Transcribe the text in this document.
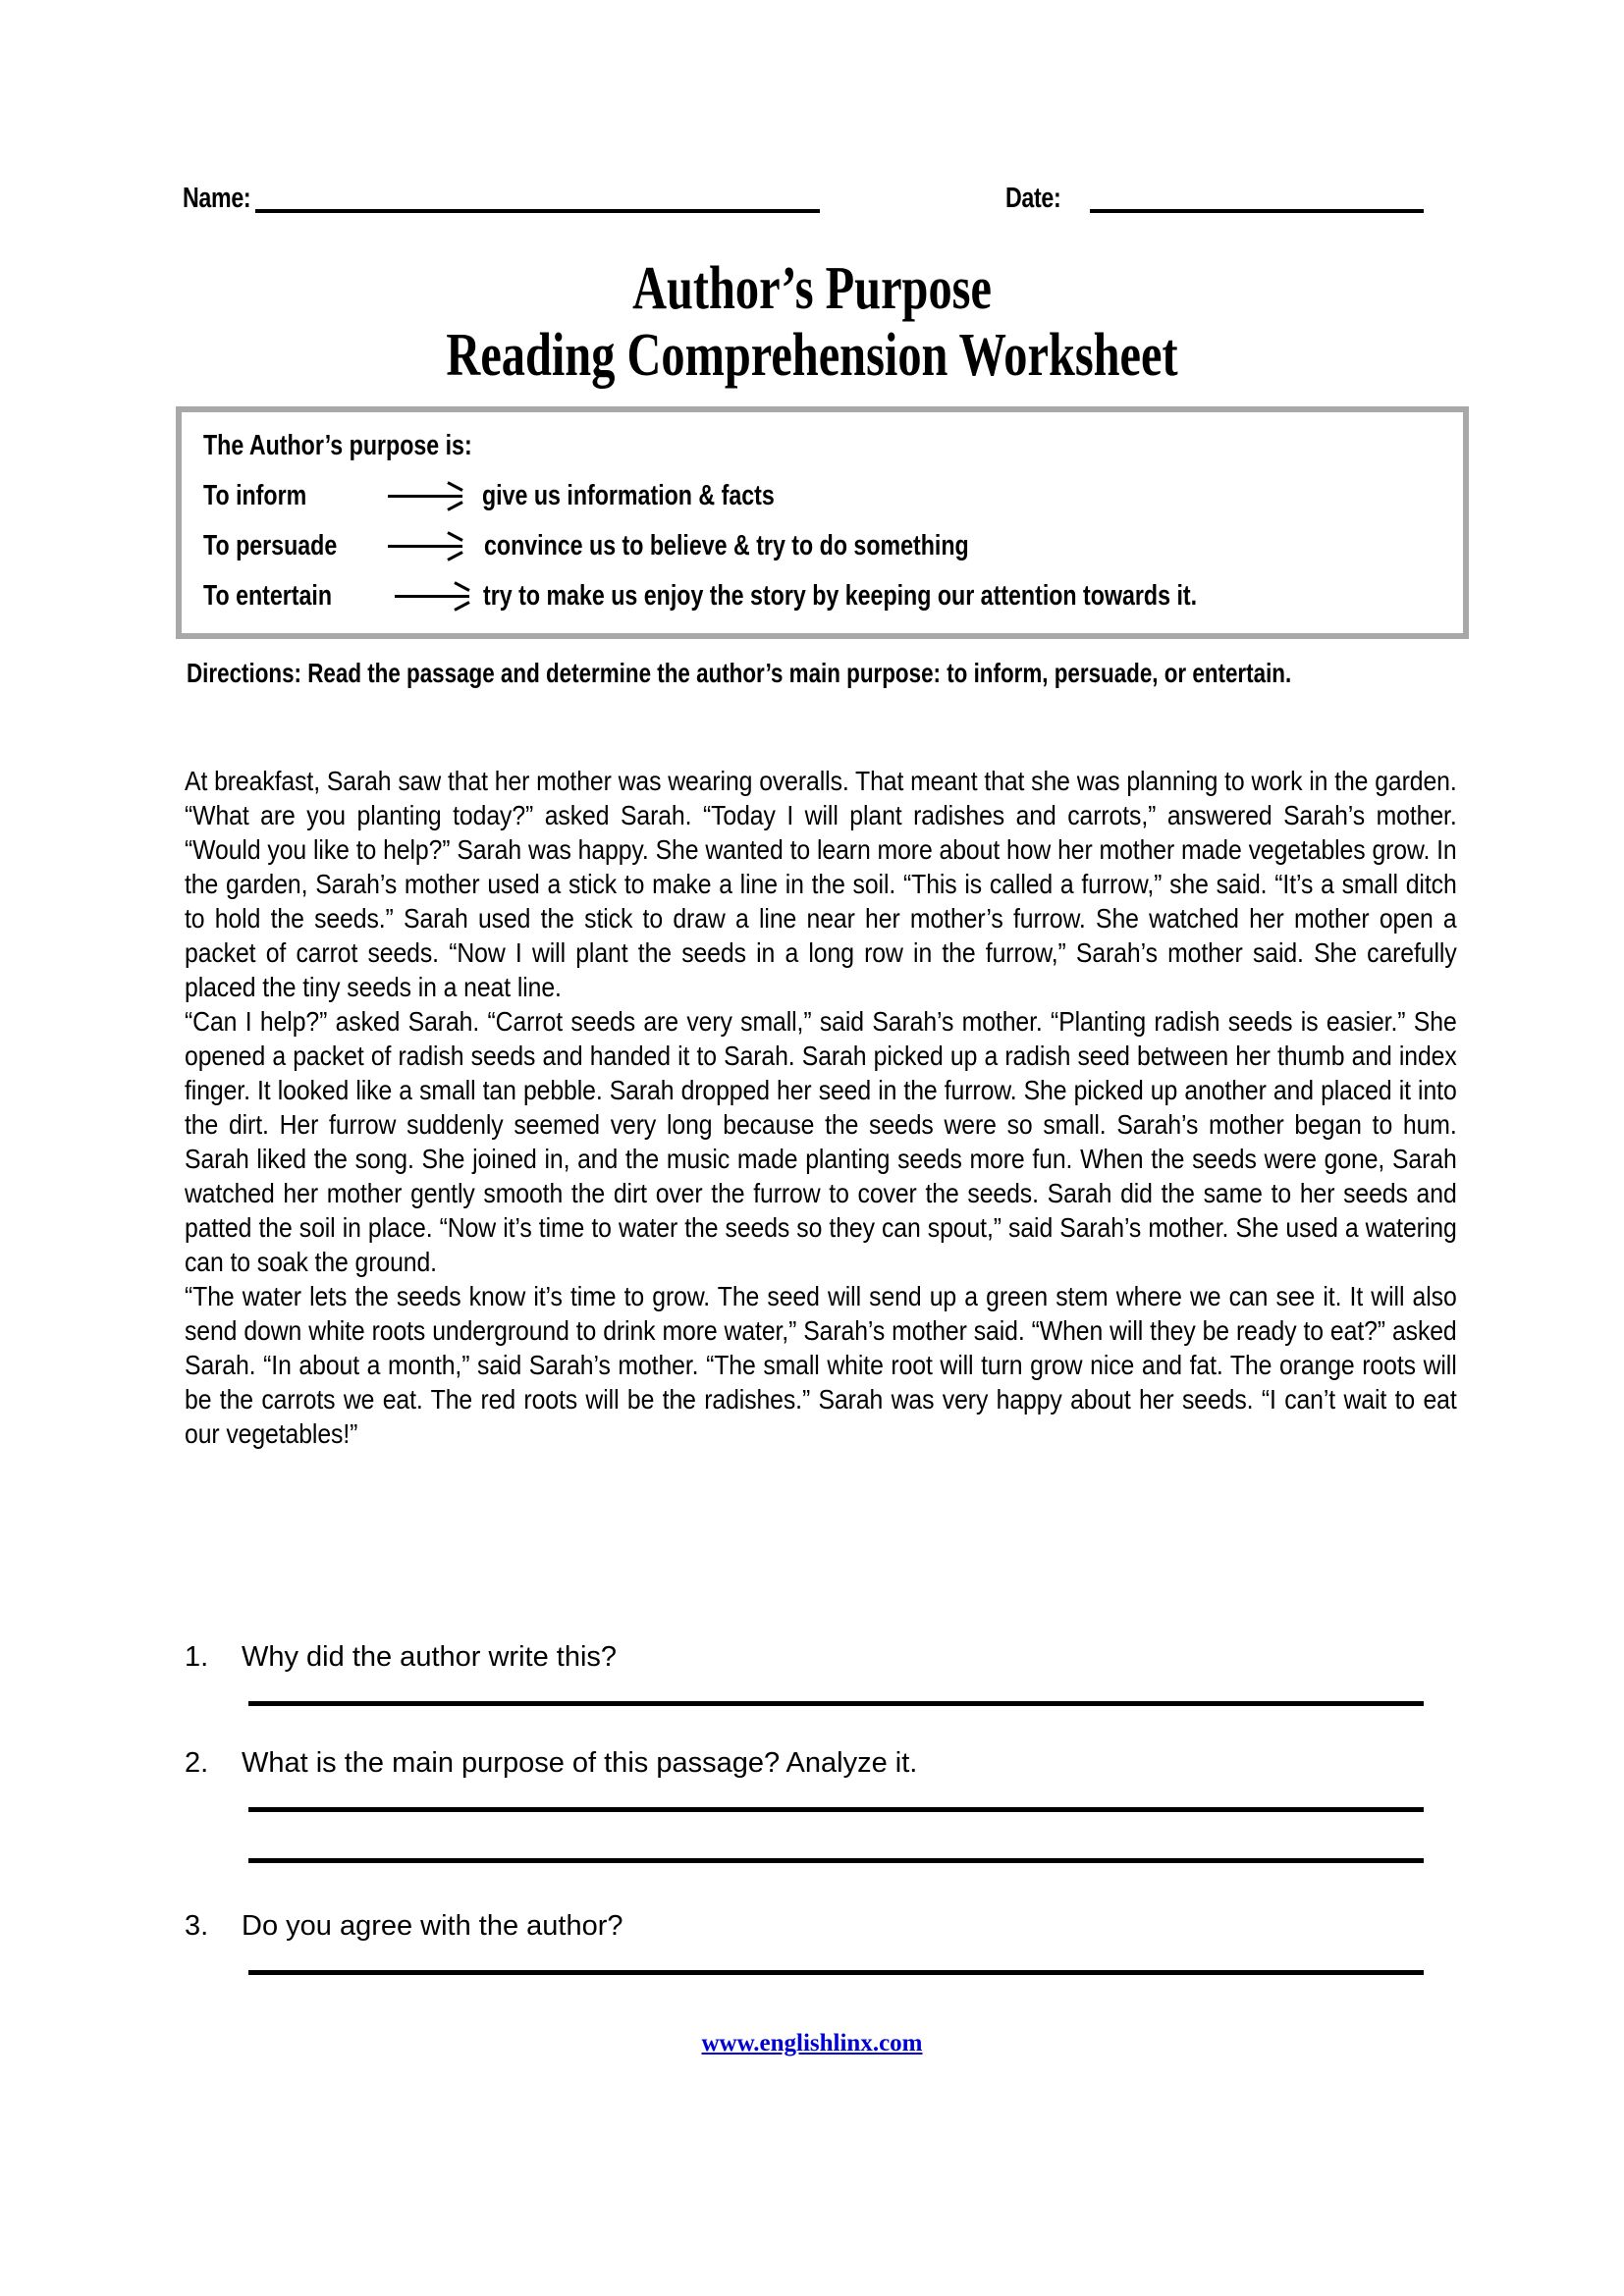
Name:	Date:
Author’s Purpose
Reading Comprehension Worksheet
The Author’s purpose is:
To inform	give us information & facts
To persuade	convince us to believe & try to do something
To entertain	try to make us enjoy the story by keeping our attention towards it.
Directions: Read the passage and determine the author’s main purpose: to inform, persuade, or entertain.

At breakfast, Sarah saw that her mother was wearing overalls. That meant that she was planning to work in the garden. “What are you planting today?” asked Sarah. “Today I will plant radishes and carrots,” answered Sarah’s mother. “Would you like to help?” Sarah was happy. She wanted to learn more about how her mother made vegetables grow. In the garden, Sarah’s mother used a stick to make a line in the soil. “This is called a furrow,” she said. “It’s a small ditch to hold the seeds.” Sarah used the stick to draw a line near her mother’s furrow. She watched her mother open a packet of carrot seeds. “Now I will plant the seeds in a long row in the furrow,” Sarah’s mother said. She carefully placed the tiny seeds in a neat line.

“Can I help?” asked Sarah. “Carrot seeds are very small,” said Sarah’s mother. “Planting radish seeds is easier.” She opened a packet of radish seeds and handed it to Sarah. Sarah picked up a radish seed between her thumb and index finger. It looked like a small tan pebble. Sarah dropped her seed in the furrow. She picked up another and placed it into the dirt. Her furrow suddenly seemed very long because the seeds were so small. Sarah’s mother began to hum. Sarah liked the song. She joined in, and the music made planting seeds more fun. When the seeds were gone, Sarah watched her mother gently smooth the dirt over the furrow to cover the seeds. Sarah did the same to her seeds and patted the soil in place. “Now it’s time to water the seeds so they can spout,” said Sarah’s mother. She used a watering can to soak the ground.

“The water lets the seeds know it’s time to grow. The seed will send up a green stem where we can see it. It will also send down white roots underground to drink more water,” Sarah’s mother said. “When will they be ready to eat?” asked Sarah. “In about a month,” said Sarah’s mother. “The small white root will turn grow nice and fat. The orange roots will be the carrots we eat. The red roots will be the radishes.” Sarah was very happy about her seeds. “I can’t wait to eat our vegetables!”

1.	Why did the author write this?
2.	What is the main purpose of this passage? Analyze it.
3.	Do you agree with the author?
www.englishlinx.com
